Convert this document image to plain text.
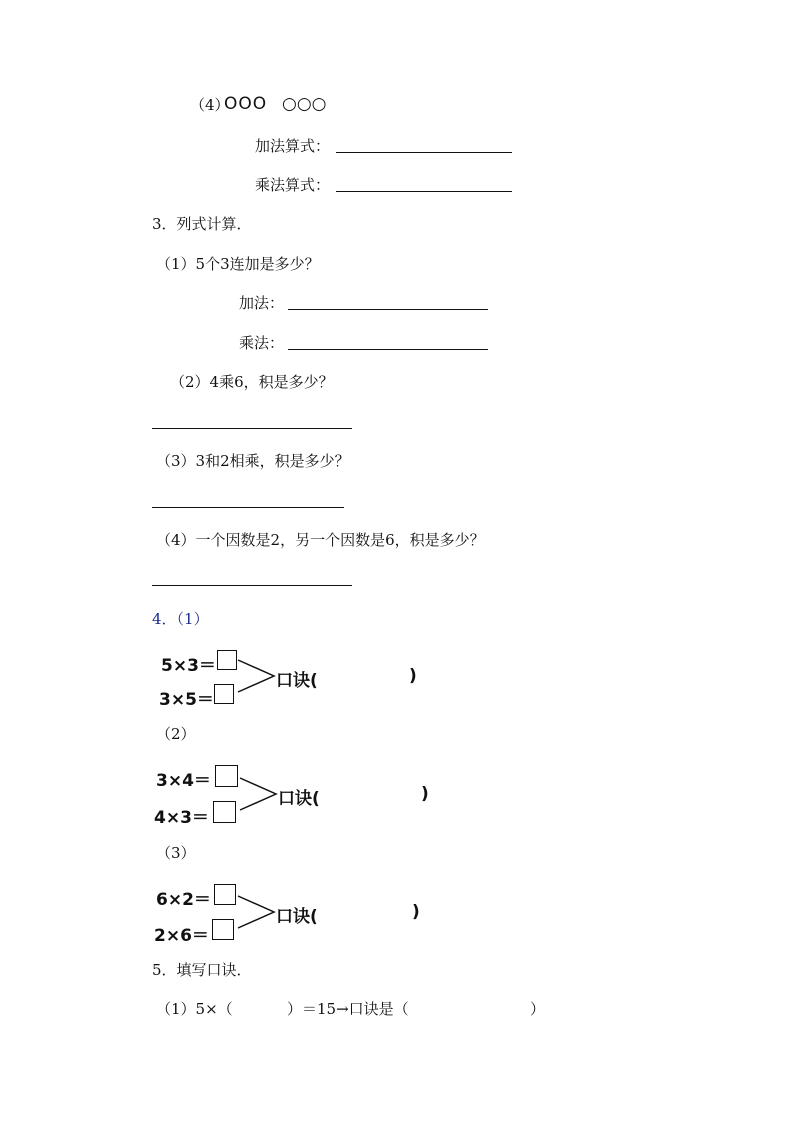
（4）
OOO ○○○
加法算式：
乘法算式：
3．列式计算．
（1）5个3连加是多少？
加法：
乘法：
（2）4乘6，积是多少？
（3）3和2相乘，积是多少？
（4）一个因数是2，另一个因数是6，积是多少？
4．（1）
5×3＝
3×5＝
口诀(	)
（2）
3×4＝
4×3＝
口诀(	)
（3）
6×2＝
2×6＝
口诀(	)
5．填写口诀．
（1）5×（	）＝15→口诀是（	）
